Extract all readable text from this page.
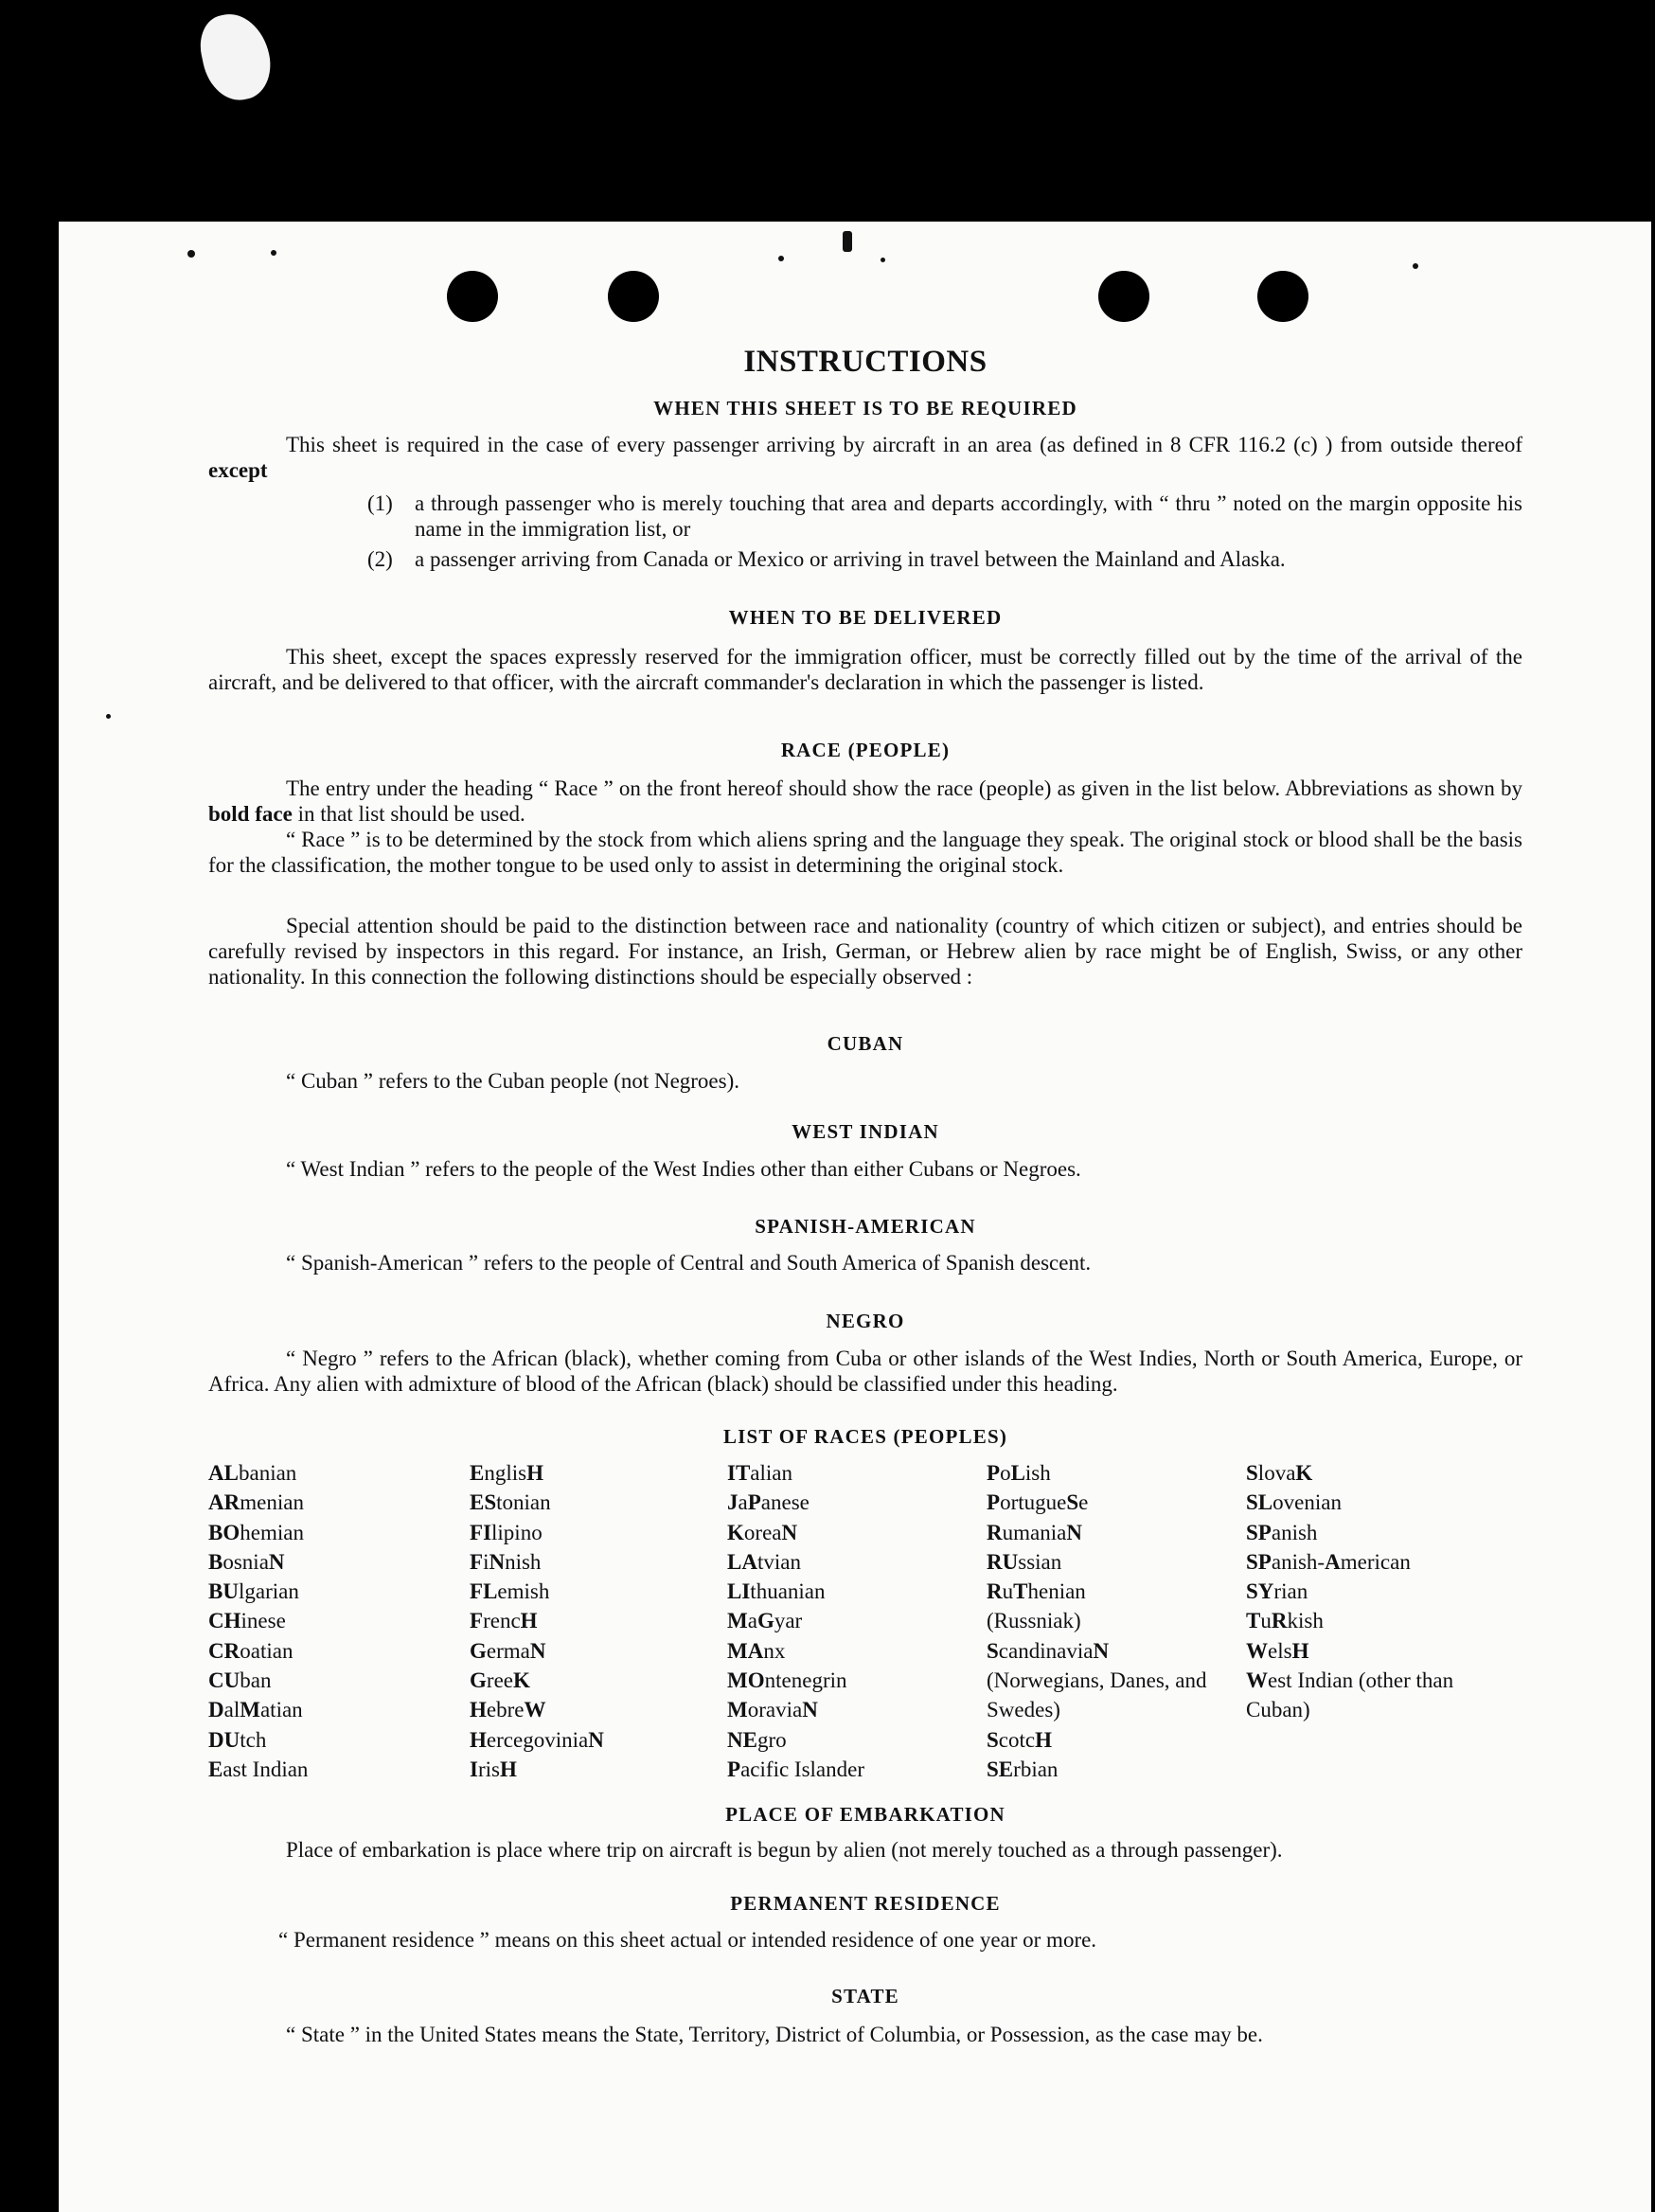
INSTRUCTIONS
WHEN THIS SHEET IS TO BE REQUIRED
This sheet is required in the case of every passenger arriving by aircraft in an area (as defined in 8 CFR 116.2 (c) ) from outside thereof except
(1) a through passenger who is merely touching that area and departs accordingly, with “ thru ” noted on the margin opposite his name in the immigration list, or
(2) a passenger arriving from Canada or Mexico or arriving in travel between the Mainland and Alaska.
WHEN TO BE DELIVERED
This sheet, except the spaces expressly reserved for the immigration officer, must be correctly filled out by the time of the arrival of the aircraft, and be delivered to that officer, with the aircraft commander's declaration in which the passenger is listed.
RACE (PEOPLE)
The entry under the heading “ Race ” on the front hereof should show the race (people) as given in the list below. Abbreviations as shown by bold face in that list should be used.
“ Race ” is to be determined by the stock from which aliens spring and the language they speak. The original stock or blood shall be the basis for the classification, the mother tongue to be used only to assist in determining the original stock.
Special attention should be paid to the distinction between race and nationality (country of which citizen or subject), and entries should be carefully revised by inspectors in this regard. For instance, an Irish, German, or Hebrew alien by race might be of English, Swiss, or any other nationality. In this connection the following distinctions should be especially observed :
CUBAN
“ Cuban ” refers to the Cuban people (not Negroes).
WEST INDIAN
“ West Indian ” refers to the people of the West Indies other than either Cubans or Negroes.
SPANISH-AMERICAN
“ Spanish-American ” refers to the people of Central and South America of Spanish descent.
NEGRO
“ Negro ” refers to the African (black), whether coming from Cuba or other islands of the West Indies, North or South America, Europe, or Africa. Any alien with admixture of blood of the African (black) should be classified under this heading.
LIST OF RACES (PEOPLES)
ALbanian
ARmenian
BOhemian
BosniaN
BUlgarian
CHinese
CRoatian
CUban
DalMatian
DUtch
East Indian
EnglisH
EStonian
FIlipino
FiNnish
FLemish
FrencH
GermaN
GreeK
HebreW
HercegoviniaN
IrisH
ITalian
JaPanese
KoreaN
LAtvian
LIthuanian
MaGyar
MAnx
MOntenegrin
MoraviaN
NEgro
Pacific Islander
PoLish
PortugueSe
RumaniaN
RUssian
RuThenian (Russniak)
ScandinaviaN (Norwegians, Danes, and Swedes)
ScotcH
SErbian
SlovaK
SLovenian
SPanish
SPanish-American
SYrian
TuRkish
WelsH
West Indian (other than Cuban)
PLACE OF EMBARKATION
Place of embarkation is place where trip on aircraft is begun by alien (not merely touched as a through passenger).
PERMANENT RESIDENCE
“ Permanent residence ” means on this sheet actual or intended residence of one year or more.
STATE
“ State ” in the United States means the State, Territory, District of Columbia, or Possession, as the case may be.
